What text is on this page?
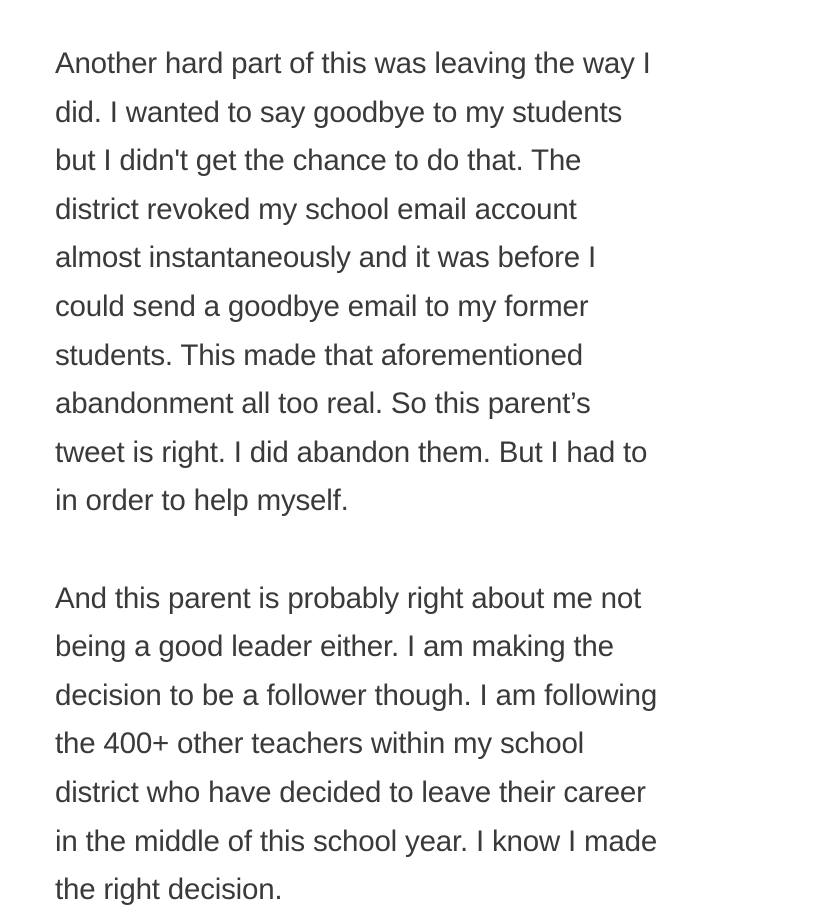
Another hard part of this was leaving the way I
did. I wanted to say goodbye to my students
but I didn't get the chance to do that. The
district revoked my school email account
almost instantaneously and it was before I
could send a goodbye email to my former
students. This made that aforementioned
abandonment all too real. So this parent’s
tweet is right. I did abandon them. But I had to
in order to help myself.

And this parent is probably right about me not
being a good leader either. I am making the
decision to be a follower though. I am following
the 400+ other teachers within my school
district who have decided to leave their career
in the middle of this school year. I know I made
the right decision.
